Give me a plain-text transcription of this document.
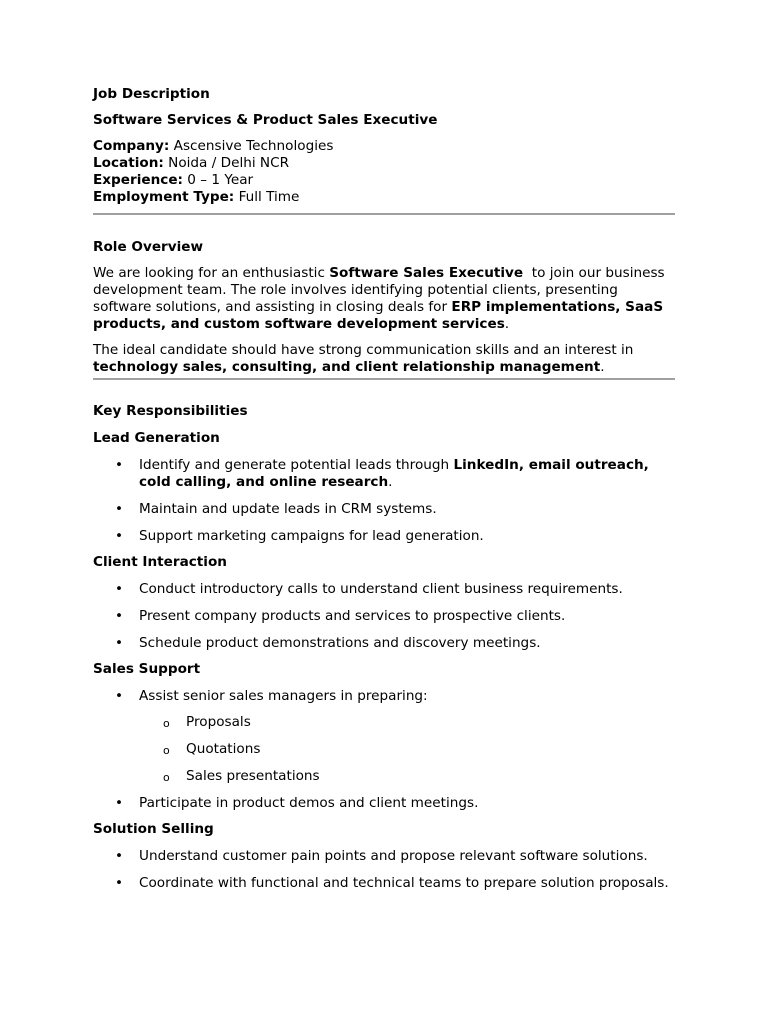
Job Description
Software Services & Product Sales Executive
Company: Ascensive Technologies
Location: Noida / Delhi NCR
Experience: 0 – 1 Year
Employment Type: Full Time
Role Overview
We are looking for an enthusiastic Software Sales Executive  to join our business development team. The role involves identifying potential clients, presenting software solutions, and assisting in closing deals for ERP implementations, SaaS products, and custom software development services.
The ideal candidate should have strong communication skills and an interest in technology sales, consulting, and client relationship management.
Key Responsibilities
Lead Generation
• Identify and generate potential leads through LinkedIn, email outreach, cold calling, and online research.
• Maintain and update leads in CRM systems.
• Support marketing campaigns for lead generation.
Client Interaction
• Conduct introductory calls to understand client business requirements.
• Present company products and services to prospective clients.
• Schedule product demonstrations and discovery meetings.
Sales Support
• Assist senior sales managers in preparing:
o Proposals
o Quotations
o Sales presentations
• Participate in product demos and client meetings.
Solution Selling
• Understand customer pain points and propose relevant software solutions.
• Coordinate with functional and technical teams to prepare solution proposals.
